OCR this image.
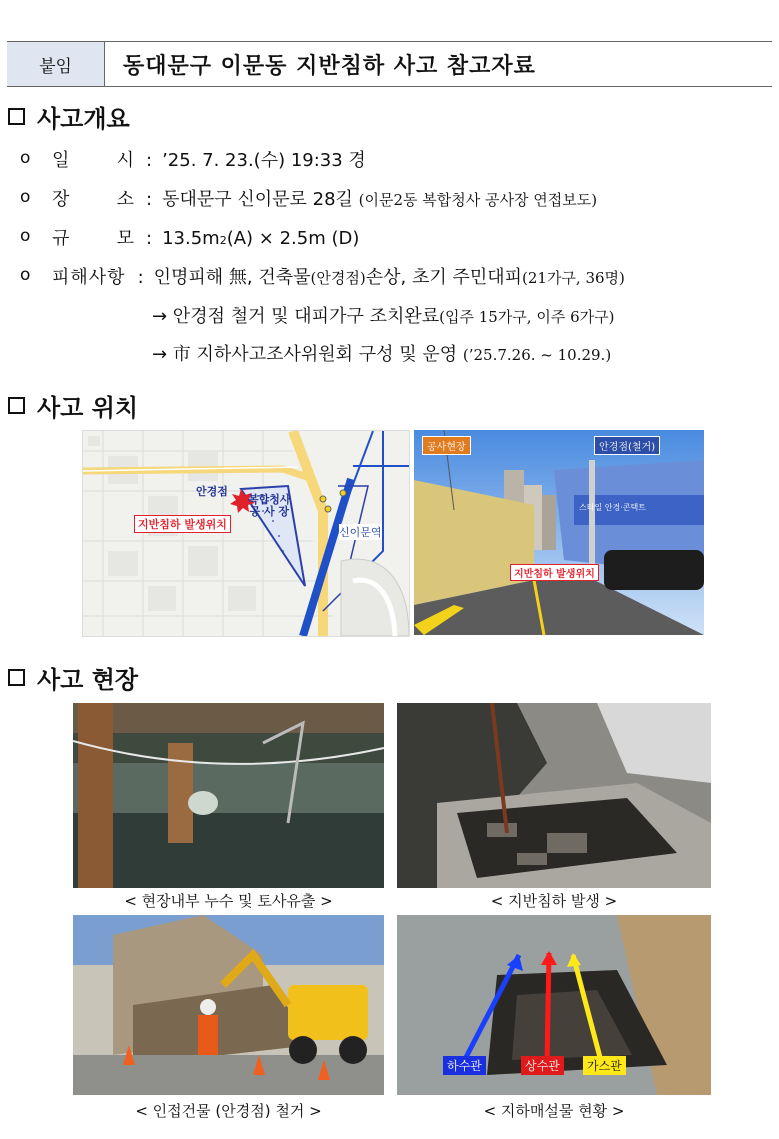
붙임	동대문구 이문동 지반침하 사고 참고자료
사고개요
o 일	시 : ’25. 7. 23.(수) 19:33 경
o 장	소 : 동대문구 신이문로 28길
(이문2동 복합청사 공사장 연접보도)
o 규	모 : 13.5m 2 (A) × 2.5m (D)
o 피해사항 : 인명피해 無, 건축물 (안경점) 손상, 초기 주민대피 (21가구, 36명)
→ 안경점 철거 및 대피가구 조치완료(입주 15가구, 이주 6가구)
→ 市 지하사고조사위원회 구성 및 운영 (’25.7.26. ~ 10.29.)
사고 위치
안경점
복합청사
공 사 장
지반침하 발생위치
신이문역
공사현장	안경점(철거)
스타일 안경·콘택트
지반침하 발생위치
사고 현장
< 현장내부 누수 및 토사유출 >	< 지반침하 발생 >
< 인접건물 (안경점) 철거 >
하수관	상수관	가스관
< 지하매설물 현황 >
